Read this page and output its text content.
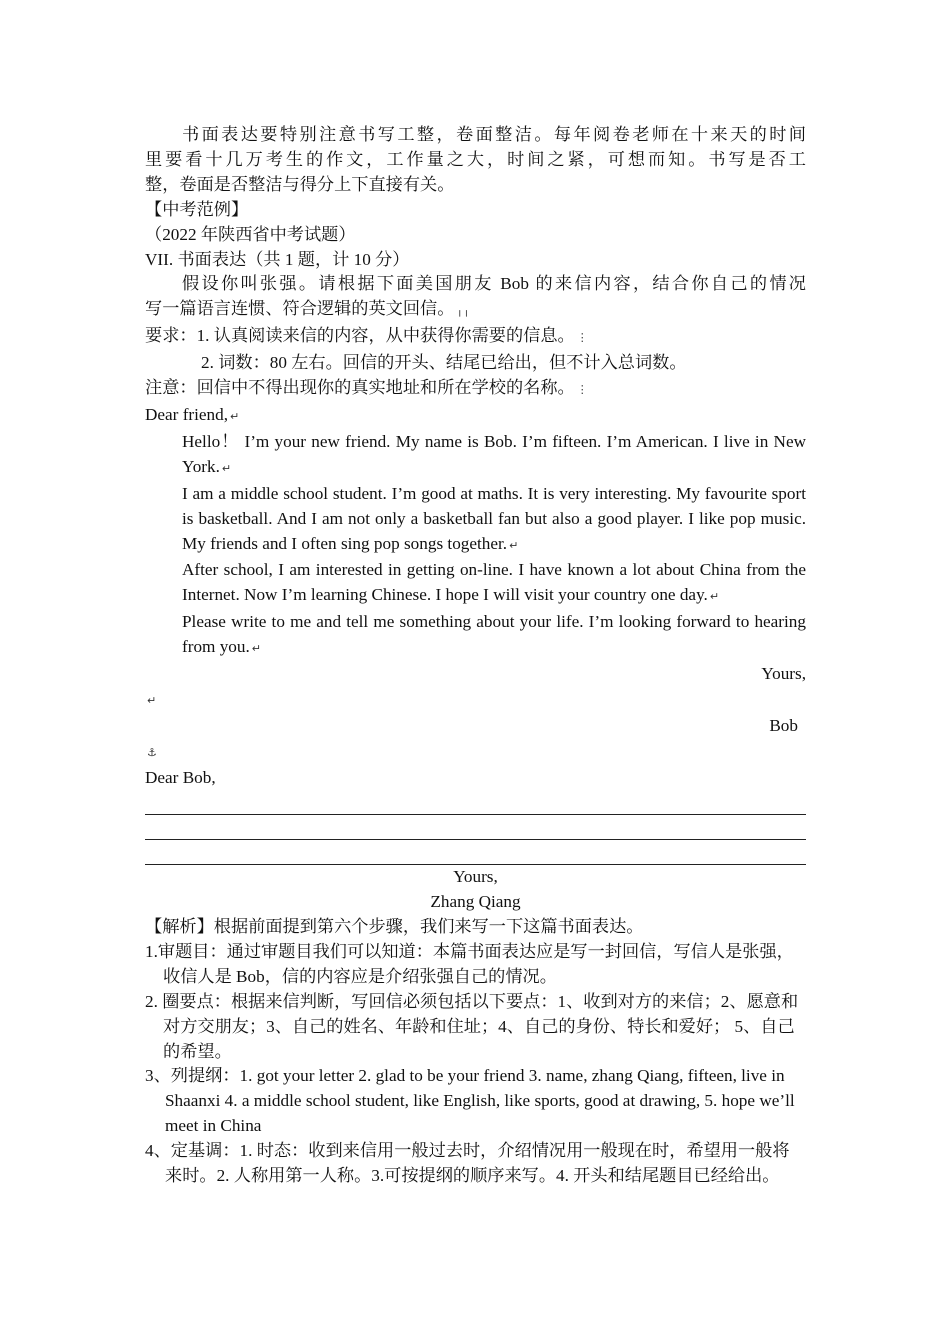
书面表达要特别注意书写工整，卷面整洁。每年阅卷老师在十来天的时间
里要看十几万考生的作文，工作量之大，时间之紧，可想而知。书写是否工
整，卷面是否整洁与得分上下直接有关。
【中考范例】
（2022 年陕西省中考试题）
VII. 书面表达（共 1 题，计 10 分）
假设你叫张强。请根据下面美国朋友 Bob 的来信内容，结合你自己的情况
写一篇语言连惯、符合逻辑的英文回信。 ╷╷
要求：1. 认真阅读来信的内容，从中获得你需要的信息。 ⋮
2. 词数：80 左右。回信的开头、结尾已给出，但不计入总词数。
注意：回信中不得出现你的真实地址和所在学校的名称。 ⋮
Dear friend, ↵
Hello！ I’m your new friend. My name is Bob. I’m fifteen. I’m American. I live in New York. ↵
I am a middle school student. I’m good at maths. It is very interesting. My favourite sport is basketball. And I am not only a basketball fan but also a good player. I like pop music. My friends and I often sing pop songs together. ↵
After school, I am interested in getting on-line. I have known a lot about China from the Internet. Now I’m learning Chinese. I hope I will visit your country one day. ↵
Please write to me and tell me something about your life. I’m looking forward to hearing from you. ↵
Yours,
↵
Bob
⚓
Dear Bob,
Yours,
Zhang Qiang
【解析】根据前面提到第六个步骤，我们来写一下这篇书面表达。
1.审题目：通过审题目我们可以知道：本篇书面表达应是写一封回信，写信人是张强，收信人是 Bob，信的内容应是介绍张强自己的情况。
2. 圈要点：根据来信判断，写回信必须包括以下要点：1、收到对方的来信；2、愿意和对方交朋友；3、自己的姓名、年龄和住址；4、自己的身份、特长和爱好； 5、自己的希望。
3、列提纲：1. got your letter 2. glad to be your friend 3. name, zhang Qiang, fifteen, live in Shaanxi 4. a middle school student, like English, like sports, good at drawing, 5. hope we’ll meet in China
4、定基调：1. 时态：收到来信用一般过去时，介绍情况用一般现在时，希望用一般将来时。2. 人称用第一人称。3.可按提纲的顺序来写。4. 开头和结尾题目已经给出。
